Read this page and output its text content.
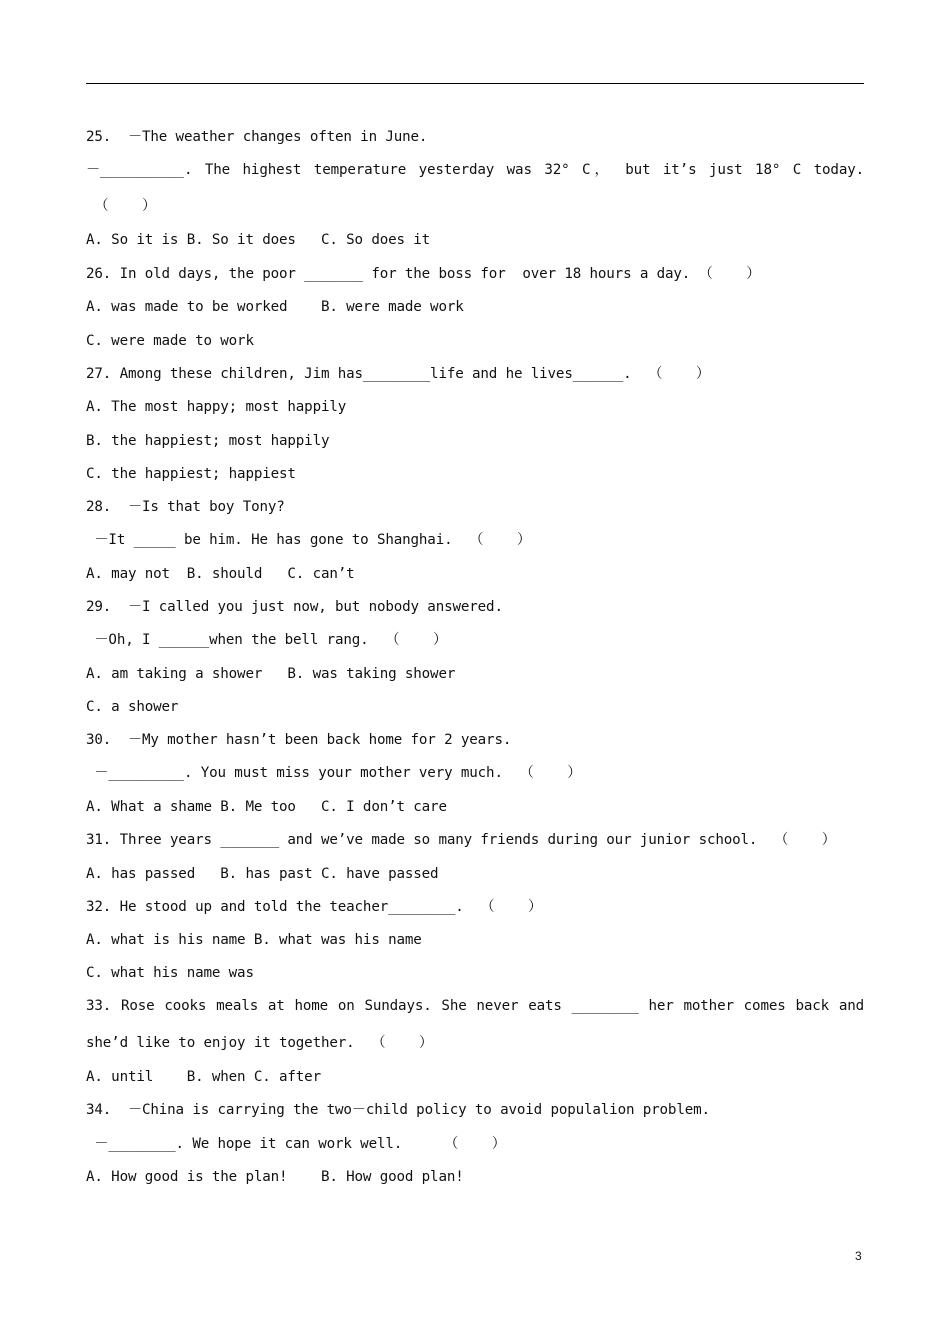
25.  －The weather changes often in June.
－__________. The highest temperature yesterday was 32° C， but it’s just 18° C today.
（    ）
A. So it is B. So it does   C. So does it
26. In old days, the poor _______ for the boss for  over 18 hours a day. （    ）
A. was made to be worked    B. were made work
C. were made to work
27. Among these children, Jim has________life and he lives______.  （    ）
A. The most happy; most happily
B. the happiest; most happily
C. the happiest; happiest
28.  －Is that boy Tony?
－It _____ be him. He has gone to Shanghai.  （    ）
A. may not  B. should   C. can’t
29.  －I called you just now, but nobody answered.
－Oh, I ______when the bell rang.  （    ）
A. am taking a shower   B. was taking shower
C. a shower
30.  －My mother hasn’t been back home for 2 years.
－_________. You must miss your mother very much.  （    ）
A. What a shame B. Me too   C. I don’t care
31. Three years _______ and we’ve made so many friends during our junior school.  （    ）
A. has passed   B. has past C. have passed
32. He stood up and told the teacher________.  （    ）
A. what is his name B. what was his name
C. what his name was
33. Rose cooks meals at home on Sundays. She never eats ________ her mother comes back and
she’d like to enjoy it together.  （    ）
A. until    B. when C. after
34.  －China is carrying the two－child policy to avoid populalion problem.
－________. We hope it can work well.     （    ）
A. How good is the plan!    B. How good plan!
3
